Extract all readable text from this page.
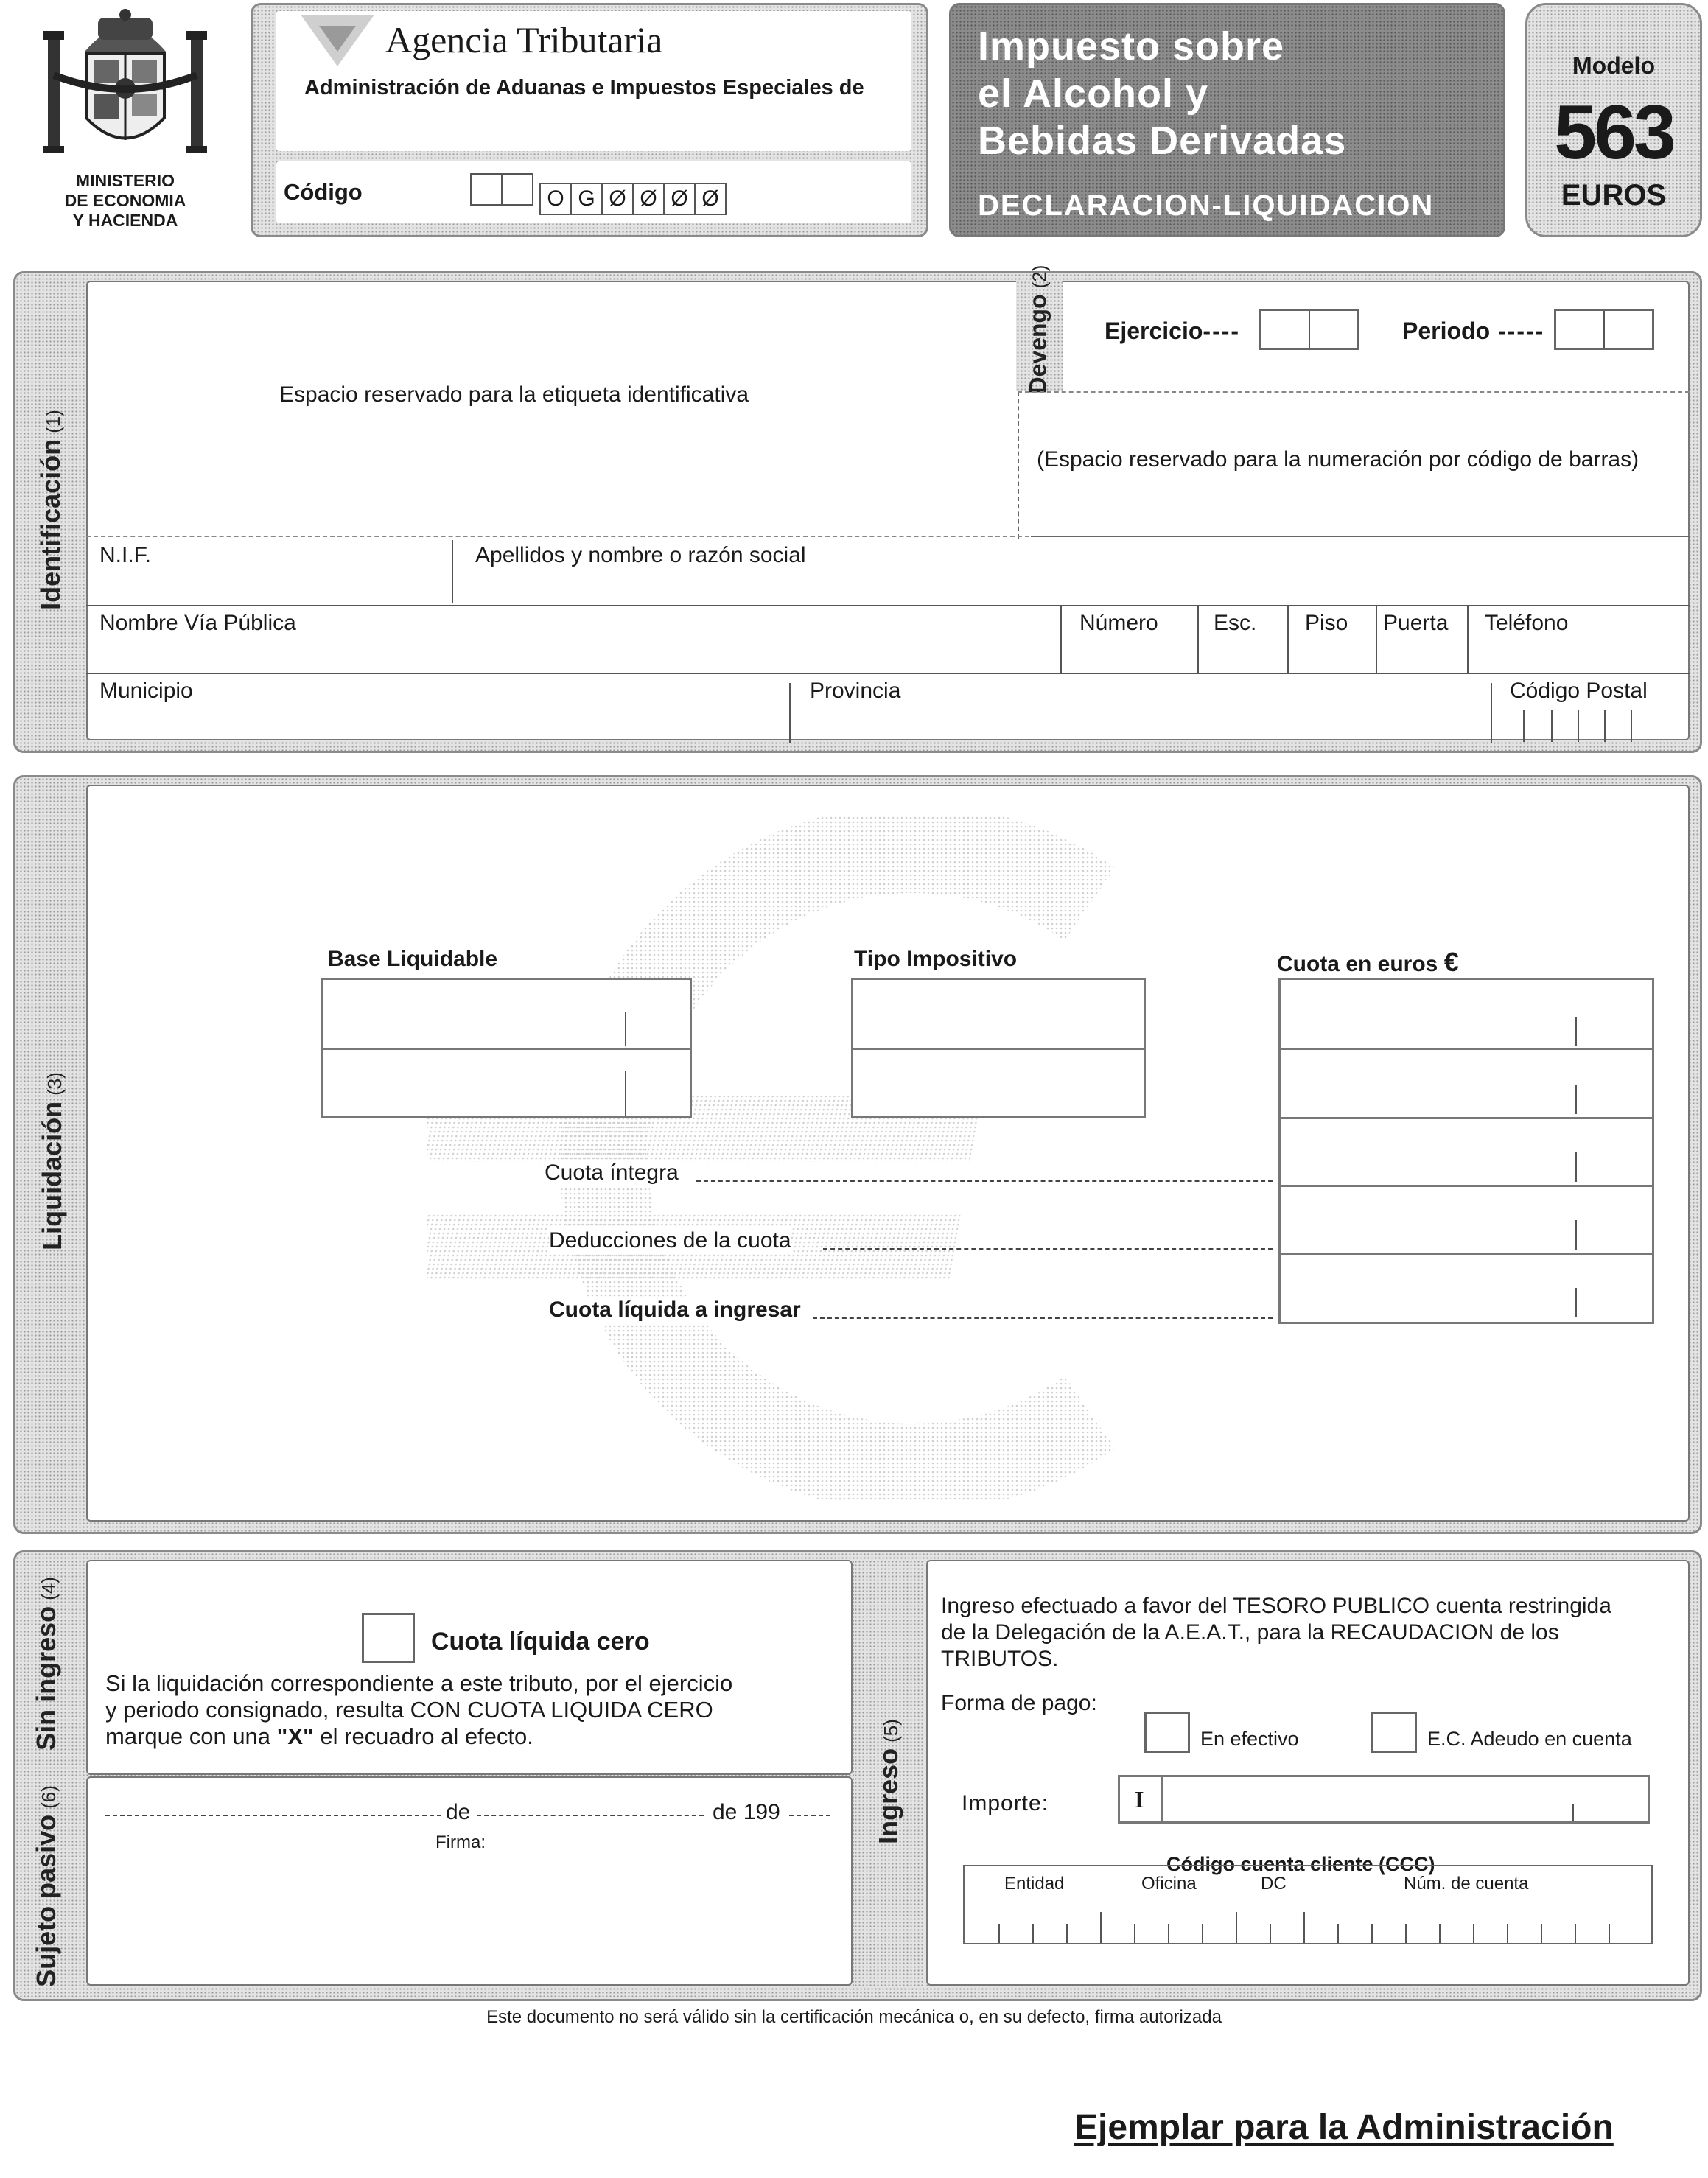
MINISTERIO
DE ECONOMIA
Y HACIENDA
Agencia Tributaria
Administración de Aduanas e Impuestos Especiales de
Código	O G Ø Ø Ø Ø
Impuesto sobre
el Alcohol y
Bebidas Derivadas
DECLARACION-LIQUIDACION
Modelo
563
EUROS
Identificación(1)
Espacio reservado para la etiqueta identificativa
Devengo(2)
Ejercicio----	Periodo -----
(Espacio reservado para la numeración por código de barras)
N.I.F.	Apellidos y nombre o razón social
Nombre Vía Pública	Número	Esc. Piso Puerta Teléfono
Municipio	Provincia	Código Postal
Liquidación(3)
Base Liquidable	Tipo Impositivo	Cuota en euros €
Cuota íntegra
Deducciones de la cuota
Cuota líquida a ingresar
Sin ingreso(4)
Sujeto pasivo(6)
Cuota líquida cero
Si la liquidación correspondiente a este tributo, por el ejercicio
y periodo consignado, resulta CON CUOTA LIQUIDA CERO
marque con una "X" el recuadro al efecto.
de	de 199
Firma:	Ingreso(5)
Ingreso efectuado a favor del TESORO PUBLICO cuenta restringida
de la Delegación de la A.E.A.T., para la RECAUDACION de los
TRIBUTOS.
Forma de pago:
En efectivo	E.C. Adeudo en cuenta
Importe:	I
Código cuenta cliente (CCC)
Entidad	Oficina	DC	Núm. de cuenta
Este documento no será válido sin la certificación mecánica o, en su defecto, firma autorizada
Ejemplar para la Administración
